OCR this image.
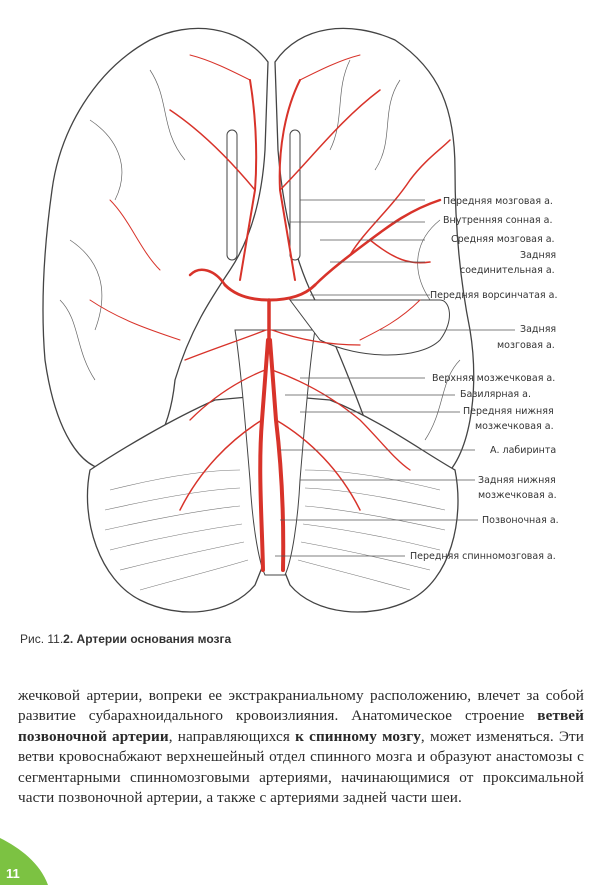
Передняя мозговая а.
Внутренняя сонная а.
Средняя мозговая а.
Задняя
соединительная а.
Передняя ворсинчатая а.
Задняя
мозговая а.
Верхняя мозжечковая а.
Базилярная а.
Передняя нижняя
мозжечковая а.
А. лабиринта
Задняя нижняя
мозжечковая а.
Позвоночная а.
Передняя спинномозговая а.
Рис. 11.2. Артерии основания мозга

жечковой артерии, вопреки ее экстракраниальному расположению, влечет за собой развитие субарахноидального кровоизлияния. Анатомическое строение ветвей позвоночной артерии, направляющихся к спинному мозгу, может изменяться. Эти ветви кровоснабжают верхнешейный отдел спинного мозга и образуют анастомозы с сегментарными спинномозговыми артериями, начинающимися от проксимальной части позвоночной артерии, а также с артериями задней части шеи.

11
